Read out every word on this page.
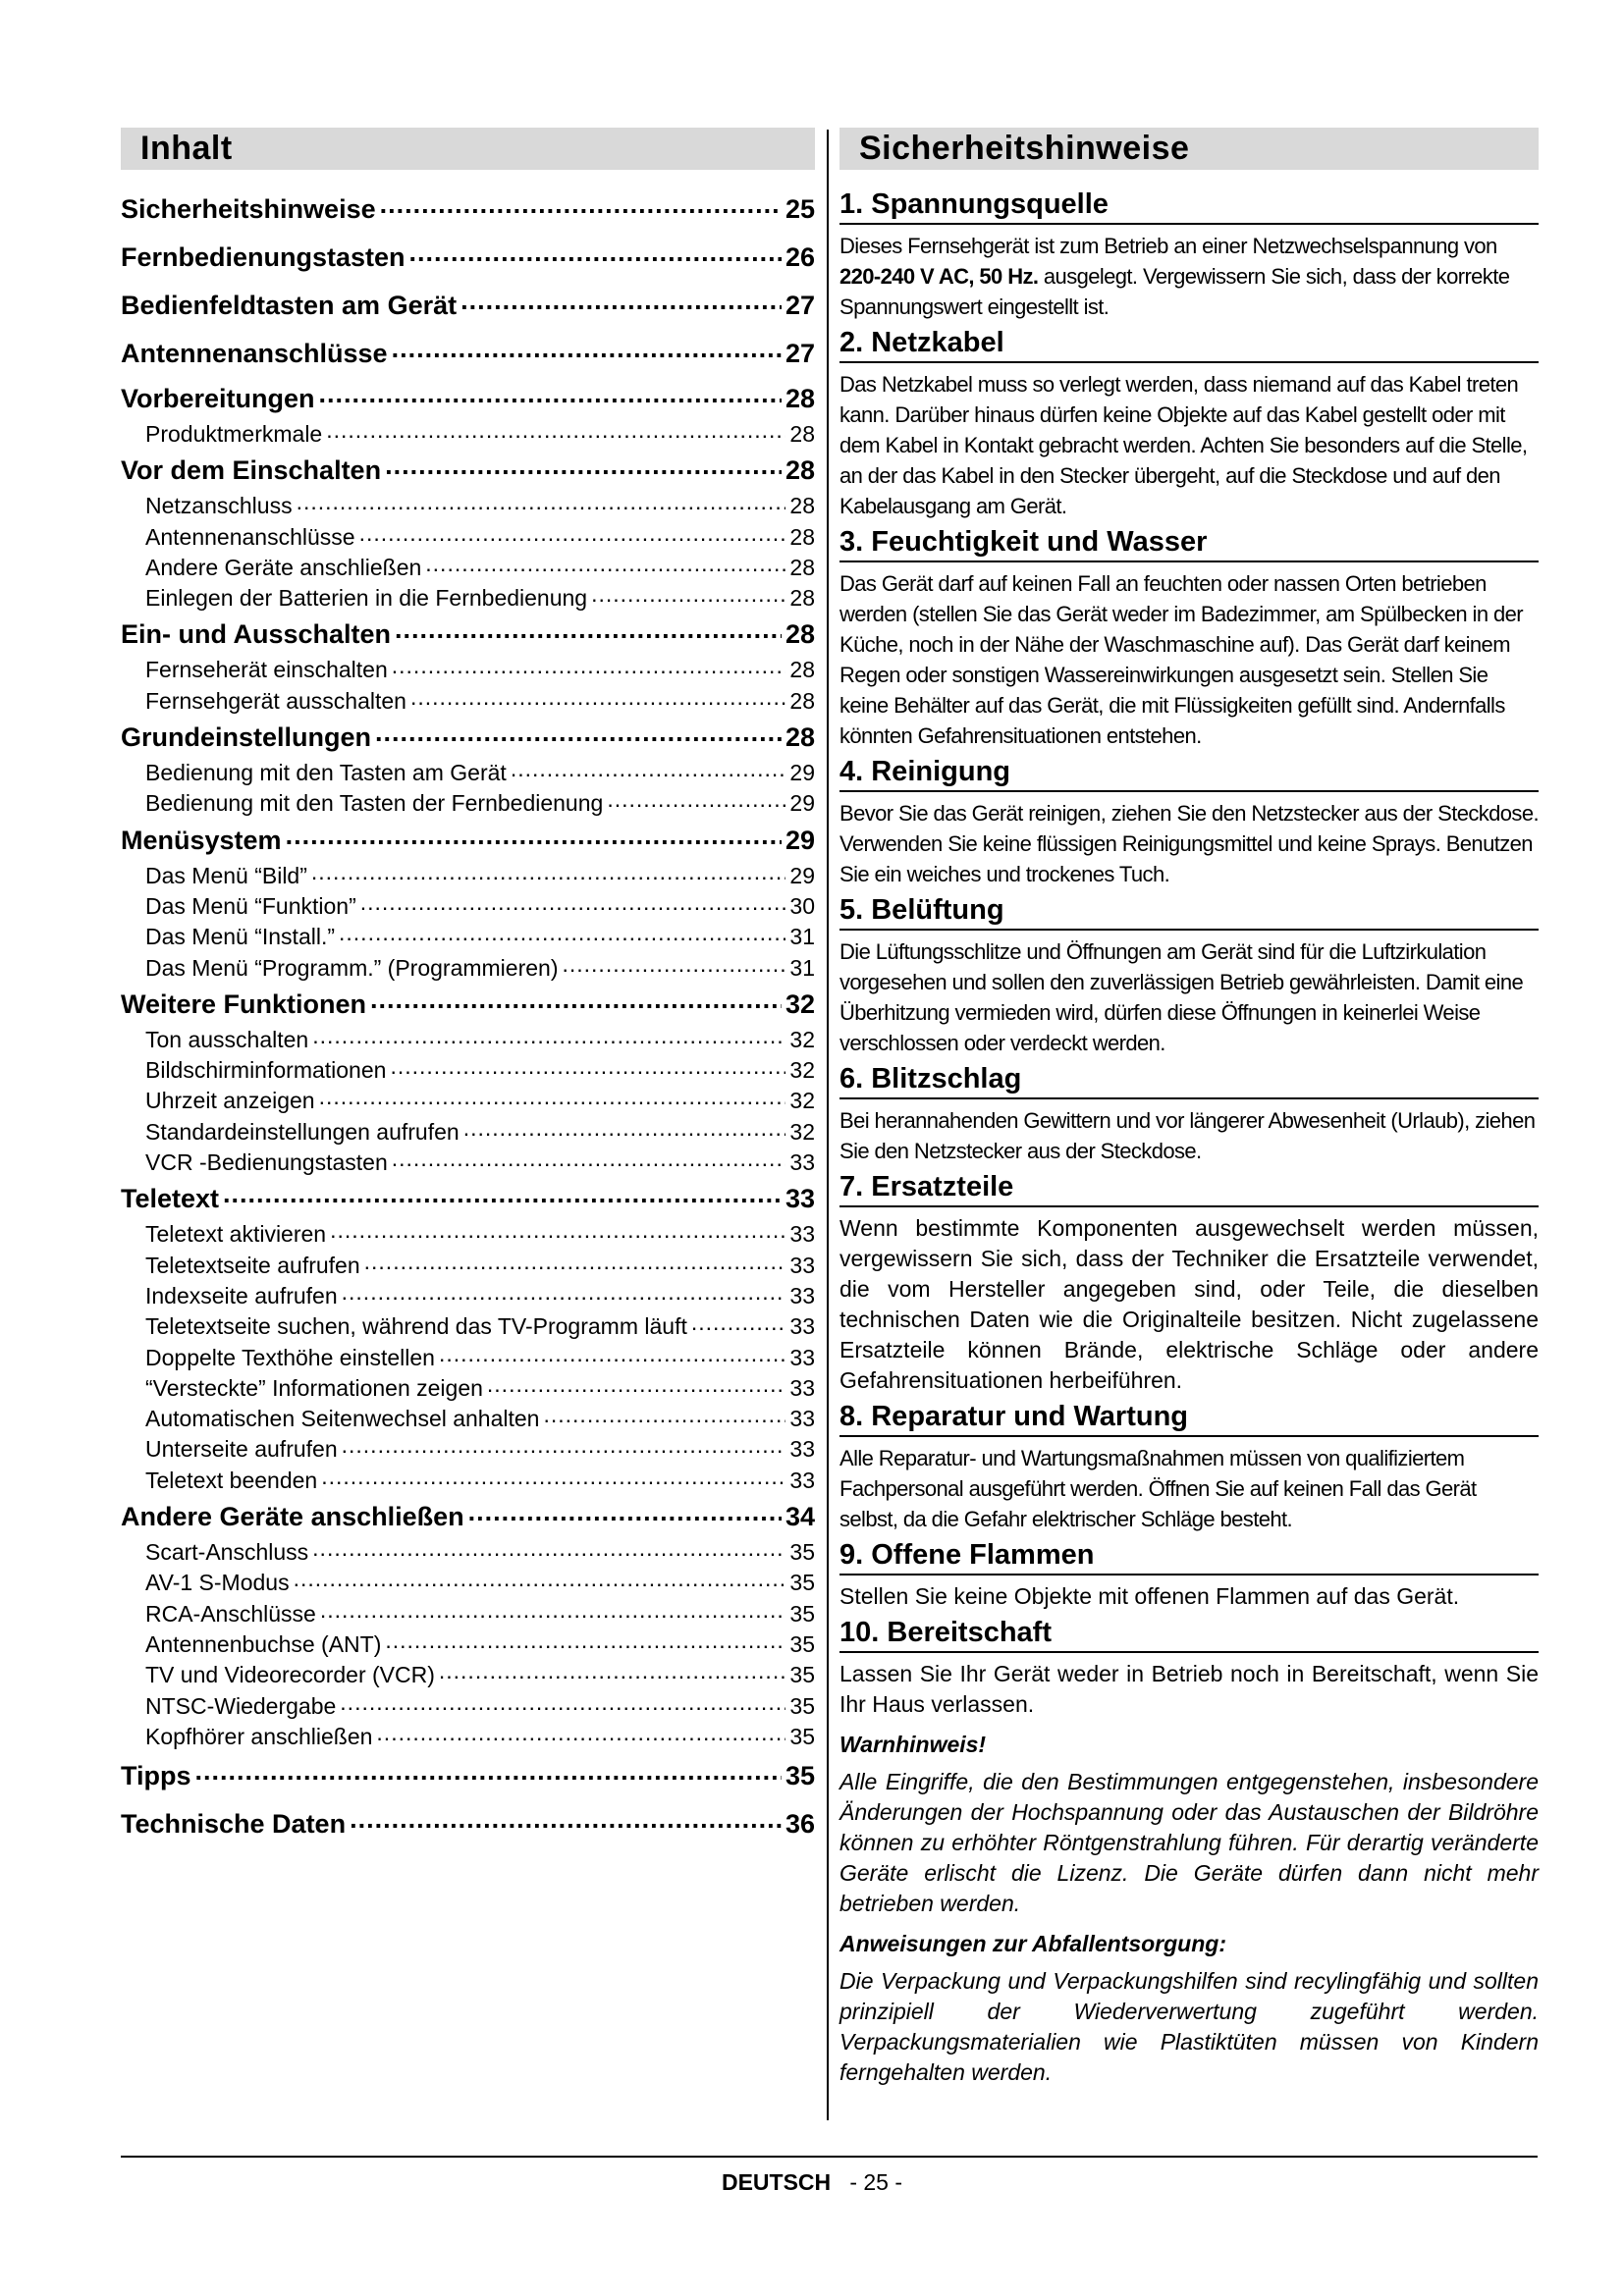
Inhalt
Sicherheitshinweise .....	25
Fernbedienungstasten .....	26
Bedienfeldtasten am Gerät .....	27
Antennenanschlüsse .....	27
Vorbereitungen .....	28
Produktmerkmale .....	28
Vor dem Einschalten .....	28
Netzanschluss .....	28
Antennenanschlüsse .....	28
Andere Geräte anschließen .....	28
Einlegen der Batterien in die Fernbedienung .....	28
Ein- und Ausschalten .....	28
Fernseherät einschalten .....	28
Fernsehgerät ausschalten .....	28
Grundeinstellungen .....	28
Bedienung mit den Tasten am Gerät .....	29
Bedienung mit den Tasten der Fernbedienung .....	29
Menüsystem .....	29
Das Menü “Bild” .....	29
Das Menü “Funktion” .....	30
Das Menü “Install.” .....	31
Das Menü “Programm.” (Programmieren) .....	31
Weitere Funktionen .....	32
Ton ausschalten .....	32
Bildschirminformationen .....	32
Uhrzeit anzeigen .....	32
Standardeinstellungen aufrufen .....	32
VCR -Bedienungstasten .....	33
Teletext .....	33
Teletext aktivieren .....	33
Teletextseite aufrufen .....	33
Indexseite aufrufen .....	33
Teletextseite suchen, während das TV-Programm läuft .....	33
Doppelte Texthöhe einstellen .....	33
“Versteckte” Informationen zeigen .....	33
Automatischen Seitenwechsel anhalten .....	33
Unterseite aufrufen .....	33
Teletext beenden .....	33
Andere Geräte anschließen .....	34
Scart-Anschluss .....	35
AV-1 S-Modus .....	35
RCA-Anschlüsse .....	35
Antennenbuchse (ANT) .....	35
TV und Videorecorder (VCR) .....	35
NTSC-Wiedergabe .....	35
Kopfhörer anschließen .....	35
Tipps .....	35
Technische Daten .....	36
Sicherheitshinweise
1. Spannungsquelle
Dieses Fernsehgerät ist zum Betrieb an einer Netzwechselspannung von 220-240 V AC, 50 Hz. ausgelegt. Vergewissern Sie sich, dass der korrekte Spannungswert eingestellt ist.
2. Netzkabel
Das Netzkabel muss so verlegt werden, dass niemand auf das Kabel treten kann. Darüber hinaus dürfen keine Objekte auf das Kabel gestellt oder mit dem Kabel in Kontakt gebracht werden. Achten Sie besonders auf die Stelle, an der das Kabel in den Stecker übergeht, auf die Steckdose und auf den Kabelausgang am Gerät.
3. Feuchtigkeit und Wasser
Das Gerät darf auf keinen Fall an feuchten oder nassen Orten betrieben werden (stellen Sie das Gerät weder im Badezimmer, am Spülbecken in der Küche, noch in der Nähe der Waschmaschine auf). Das Gerät darf keinem Regen oder sonstigen Wassereinwirkungen ausgesetzt sein. Stellen Sie keine Behälter auf das Gerät, die mit Flüssigkeiten gefüllt sind. Andernfalls könnten Gefahrensituationen entstehen.
4. Reinigung
Bevor Sie das Gerät reinigen, ziehen Sie den Netzstecker aus der Steckdose. Verwenden Sie keine flüssigen Reinigungsmittel und keine Sprays. Benutzen Sie ein weiches und trockenes Tuch.
5. Belüftung
Die Lüftungsschlitze und Öffnungen am Gerät sind für die Luftzirkulation vorgesehen und sollen den zuverlässigen Betrieb gewährleisten. Damit eine Überhitzung vermieden wird, dürfen diese Öffnungen in keinerlei Weise verschlossen oder verdeckt werden.
6. Blitzschlag
Bei herannahenden Gewittern und vor längerer Abwesenheit (Urlaub), ziehen Sie den Netzstecker aus der Steckdose.
7. Ersatzteile
Wenn bestimmte Komponenten ausgewechselt werden müssen, vergewissern Sie sich, dass der Techniker die Ersatzteile verwendet, die vom Hersteller angegeben sind, oder Teile, die dieselben technischen Daten wie die Originalteile besitzen. Nicht zugelassene Ersatzteile können Brände, elektrische Schläge oder andere Gefahrensituationen herbeiführen.
8. Reparatur und Wartung
Alle Reparatur- und Wartungsmaßnahmen müssen von qualifiziertem Fachpersonal ausgeführt werden. Öffnen Sie auf keinen Fall das Gerät selbst, da die Gefahr elektrischer Schläge besteht.
9. Offene Flammen
Stellen Sie keine Objekte mit offenen Flammen auf das Gerät.
10. Bereitschaft
Lassen Sie Ihr Gerät weder in Betrieb noch in Bereitschaft, wenn Sie Ihr Haus verlassen.
Warnhinweis!
Alle Eingriffe, die den Bestimmungen entgegenstehen, insbesondere Änderungen der Hochspannung oder das Austauschen der Bildröhre können zu erhöhter Röntgenstrahlung führen. Für derartig veränderte Geräte erlischt die Lizenz. Die Geräte dürfen dann nicht mehr betrieben werden.
Anweisungen zur Abfallentsorgung:
Die Verpackung und Verpackungshilfen sind recylingfähig und sollten prinzipiell der Wiederverwertung zugeführt werden. Verpackungsmaterialien wie Plastiktüten müssen von Kindern ferngehalten werden.
DEUTSCH - 25 -
